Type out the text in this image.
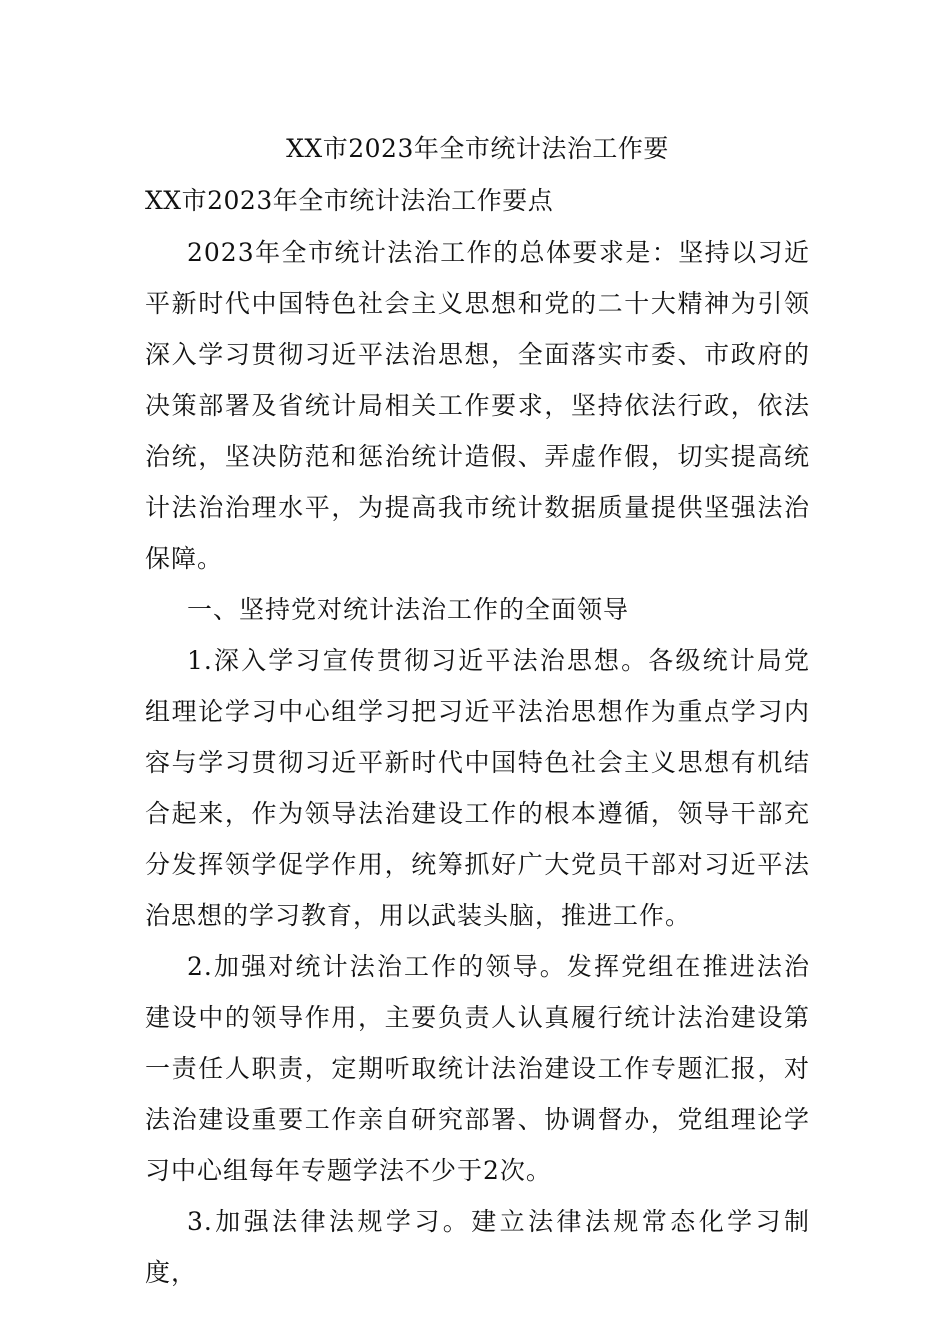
XX市2023年全市统计法治工作要
XX市2023年全市统计法治工作要点

2023年全市统计法治工作的总体要求是：坚持以习近平新时代中国特色社会主义思想和党的二十大精神为引领深入学习贯彻习近平法治思想，全面落实市委、市政府的决策部署及省统计局相关工作要求，坚持依法行政，依法治统，坚决防范和惩治统计造假、弄虚作假，切实提高统计法治治理水平，为提高我市统计数据质量提供坚强法治保障。

一、坚持党对统计法治工作的全面领导

1.深入学习宣传贯彻习近平法治思想。各级统计局党组理论学习中心组学习把习近平法治思想作为重点学习内容与学习贯彻习近平新时代中国特色社会主义思想有机结合起来，作为领导法治建设工作的根本遵循，领导干部充分发挥领学促学作用，统筹抓好广大党员干部对习近平法治思想的学习教育，用以武装头脑，推进工作。

2.加强对统计法治工作的领导。发挥党组在推进法治建设中的领导作用，主要负责人认真履行统计法治建设第一责任人职责，定期听取统计法治建设工作专题汇报，对法治建设重要工作亲自研究部署、协调督办，党组理论学习中心组每年专题学法不少于2次。

3.加强法律法规学习。建立法律法规常态化学习制度，
